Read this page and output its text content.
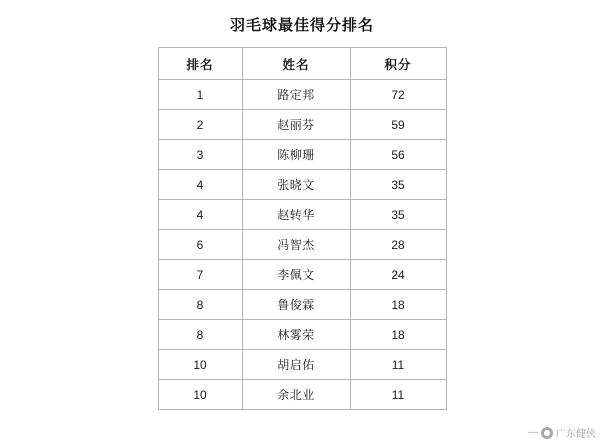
羽毛球最佳得分排名
排名	姓名	积分
1	路定邦	72
2	赵丽芬	59
3	陈柳珊	56
4	张晓文	35
4	赵转华	35
6	冯智杰	28
7	李佩文	24
8	鲁俊霖	18
8	林雾荣	18
10	胡启佑	11
10	余北业	11
— 广东健侠
